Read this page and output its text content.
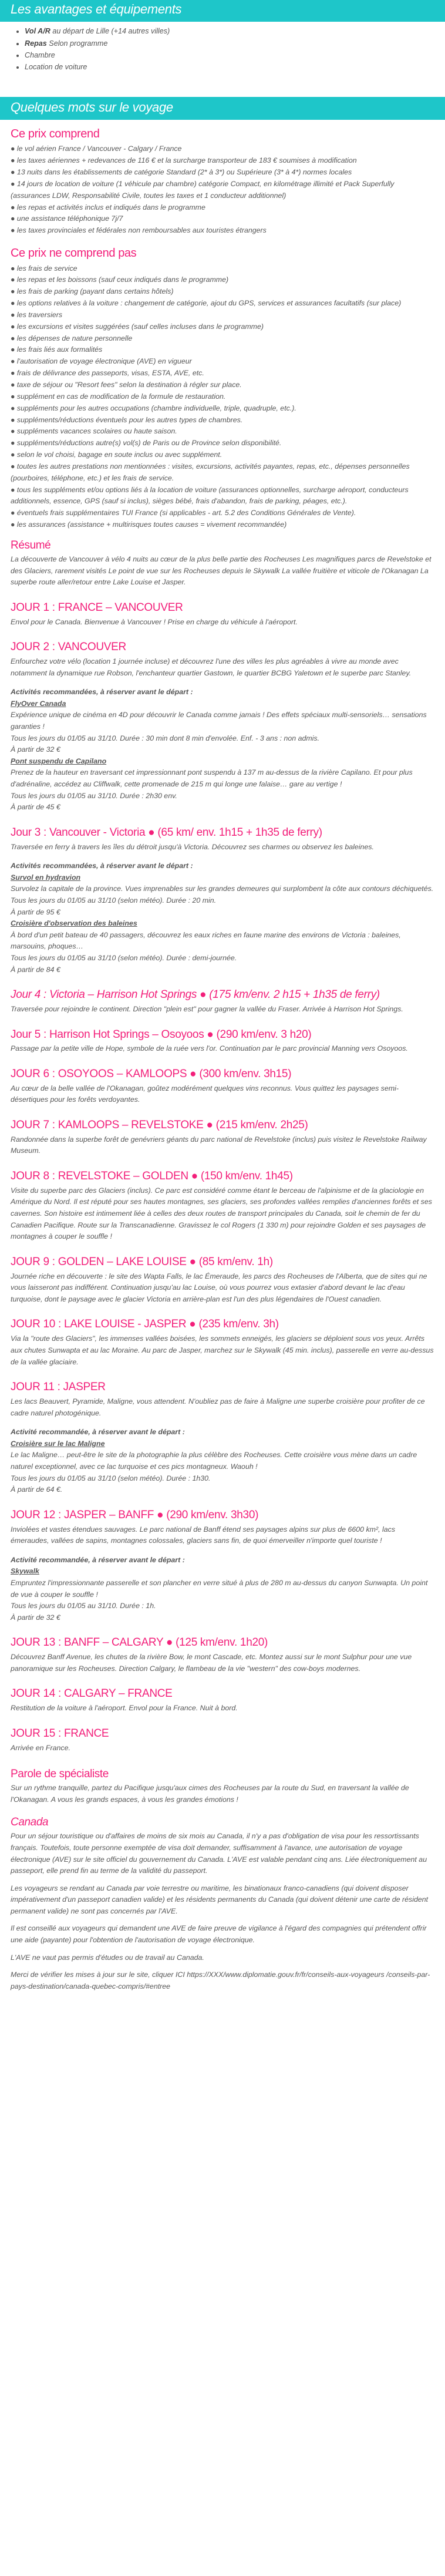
Les avantages et équipements
• Vol A/R au départ de Lille (+14 autres villes)
• Repas Selon programme
• Chambre
• Location de voiture
Quelques mots sur le voyage
Ce prix comprend
● le vol aérien France / Vancouver - Calgary / France
● les taxes aériennes + redevances de 116 € et la surcharge transporteur de 183 € soumises à modification
● 13 nuits dans les établissements de catégorie Standard (2* à 3*) ou Supérieure (3* à 4*) normes locales
● 14 jours de location de voiture (1 véhicule par chambre) catégorie Compact, en kilométrage illimité et Pack Superfully (assurances LDW, Responsabilité Civile, toutes les taxes et 1 conducteur additionnel)
● les repas et activités inclus et indiqués dans le programme
● une assistance téléphonique 7j/7
● les taxes provinciales et fédérales non remboursables aux touristes étrangers
Ce prix ne comprend pas
● les frais de service
● les repas et les boissons (sauf ceux indiqués dans le programme)
● les frais de parking (payant dans certains hôtels)
● les options relatives à la voiture : changement de catégorie, ajout du GPS, services et assurances facultatifs (sur place)
● les traversiers
● les excursions et visites suggérées (sauf celles incluses dans le programme)
● les dépenses de nature personnelle
● les frais liés aux formalités
● l'autorisation de voyage électronique (AVE) en vigueur
● frais de délivrance des passeports, visas, ESTA, AVE, etc.
● taxe de séjour ou "Resort fees" selon la destination à régler sur place.
● supplément en cas de modification de la formule de restauration.
● suppléments pour les autres occupations (chambre individuelle, triple, quadruple, etc.).
● suppléments/réductions éventuels pour les autres types de chambres.
● suppléments vacances scolaires ou haute saison.
● suppléments/réductions autre(s) vol(s) de Paris ou de Province selon disponibilité.
● selon le vol choisi, bagage en soute inclus ou avec supplément.
● toutes les autres prestations non mentionnées : visites, excursions, activités payantes, repas, etc., dépenses personnelles (pourboires, téléphone, etc.) et les frais de service.
● tous les suppléments et/ou options liés à la location de voiture (assurances optionnelles, surcharge aéroport, conducteurs additionnels, essence, GPS (sauf si inclus), sièges bébé, frais d'abandon, frais de parking, péages, etc.).
● éventuels frais supplémentaires TUI France (si applicables - art. 5.2 des Conditions Générales de Vente).
● les assurances (assistance + multirisques toutes causes = vivement recommandée)
Résumé

La découverte de Vancouver à vélo 4 nuits au cœur de la plus belle partie des Rocheuses Les magnifiques parcs de Revelstoke et des Glaciers, rarement visités Le point de vue sur les Rocheuses depuis le Skywalk La vallée fruitière et viticole de l'Okanagan La superbe route aller/retour entre Lake Louise et Jasper.

JOUR 1 : FRANCE – VANCOUVER

Envol pour le Canada. Bienvenue à Vancouver ! Prise en charge du véhicule à l'aéroport.

JOUR 2 : VANCOUVER

Enfourchez votre vélo (location 1 journée incluse) et découvrez l'une des villes les plus agréables à vivre au monde avec notamment la dynamique rue Robson, l'enchanteur quartier Gastown, le quartier BCBG Yaletown et le superbe parc Stanley.

Activités recommandées, à réserver avant le départ :

FlyOver Canada

Expérience unique de cinéma en 4D pour découvrir le Canada comme jamais ! Des effets spéciaux multi-sensoriels… sensations garanties !

Tous les jours du 01/05 au 31/10. Durée : 30 min dont 8 min d'envolée. Enf. - 3 ans : non admis.

À partir de 32 €

Pont suspendu de Capilano

Prenez de la hauteur en traversant cet impressionnant pont suspendu à 137 m au-dessus de la rivière Capilano. Et pour plus d'adrénaline, accédez au Cliffwalk, cette promenade de 215 m qui longe une falaise… gare au vertige !

Tous les jours du 01/05 au 31/10. Durée : 2h30 env.

À partir de 45 €

Jour 3 : Vancouver - Victoria ● (65 km/ env. 1h15 + 1h35 de ferry)

Traversée en ferry à travers les îles du détroit jusqu'à Victoria. Découvrez ses charmes ou observez les baleines.

Activités recommandées, à réserver avant le départ :

Survol en hydravion

Survolez la capitale de la province. Vues imprenables sur les grandes demeures qui surplombent la côte aux contours déchiquetés.

Tous les jours du 01/05 au 31/10 (selon météo). Durée : 20 min.

À partir de 95 €

Croisière d'observation des baleines

À bord d'un petit bateau de 40 passagers, découvrez les eaux riches en faune marine des environs de Victoria : baleines, marsouins, phoques…

Tous les jours du 01/05 au 31/10 (selon météo). Durée : demi-journée.

À partir de 84 €

Jour 4 : Victoria – Harrison Hot Springs ● (175 km/env. 2 h15 + 1h35 de ferry)

Traversée pour rejoindre le continent. Direction "plein est" pour gagner la vallée du Fraser. Arrivée à Harrison Hot Springs.

Jour 5 : Harrison Hot Springs – Osoyoos ● (290 km/env. 3 h20)

Passage par la petite ville de Hope, symbole de la ruée vers l'or. Continuation par le parc provincial Manning vers Osoyoos.

JOUR 6 : OSOYOOS – KAMLOOPS ● (300 km/env. 3h15)

Au cœur de la belle vallée de l'Okanagan, goûtez modérément quelques vins reconnus. Vous quittez les paysages semi-désertiques pour les forêts verdoyantes.

JOUR 7 : KAMLOOPS – REVELSTOKE ● (215 km/env. 2h25)

Randonnée dans la superbe forêt de genévriers géants du parc national de Revelstoke (inclus) puis visitez le Revelstoke Railway Museum.

JOUR 8 : REVELSTOKE – GOLDEN ● (150 km/env. 1h45)

Visite du superbe parc des Glaciers (inclus). Ce parc est considéré comme étant le berceau de l'alpinisme et de la glaciologie en Amérique du Nord. Il est réputé pour ses hautes montagnes, ses glaciers, ses profondes vallées remplies d'anciennes forêts et ses cavernes. Son histoire est intimement liée à celles des deux routes de transport principales du Canada, soit le chemin de fer du Canadien Pacifique. Route sur la Transcanadienne. Gravissez le col Rogers (1 330 m) pour rejoindre Golden et ses paysages de montagnes à couper le souffle !

JOUR 9 : GOLDEN – LAKE LOUISE ● (85 km/env. 1h)

Journée riche en découverte : le site des Wapta Falls, le lac Émeraude, les parcs des Rocheuses de l'Alberta, que de sites qui ne vous laisseront pas indifférent. Continuation jusqu'au lac Louise, où vous pourrez vous extasier d'abord devant le lac d'eau turquoise, dont le paysage avec le glacier Victoria en arrière-plan est l'un des plus légendaires de l'Ouest canadien.

JOUR 10 : LAKE LOUISE - JASPER ● (235 km/env. 3h)

Via la "route des Glaciers", les immenses vallées boisées, les sommets enneigés, les glaciers se déploient sous vos yeux. Arrêts aux chutes Sunwapta et au lac Moraine. Au parc de Jasper, marchez sur le Skywalk (45 min. inclus), passerelle en verre au-dessus de la vallée glaciaire.

JOUR 11 : JASPER

Les lacs Beauvert, Pyramide, Maligne, vous attendent. N'oubliez pas de faire à Maligne une superbe croisière pour profiter de ce cadre naturel photogénique.

Activité recommandée, à réserver avant le départ :

Croisière sur le lac Maligne

Le lac Maligne… peut-être le site de la photographie la plus célèbre des Rocheuses. Cette croisière vous mène dans un cadre naturel exceptionnel, avec ce lac turquoise et ces pics montagneux. Waouh !

Tous les jours du 01/05 au 31/10 (selon météo). Durée : 1h30.

À partir de 64 €.

JOUR 12 : JASPER – BANFF ● (290 km/env. 3h30)

Inviolées et vastes étendues sauvages. Le parc national de Banff étend ses paysages alpins sur plus de 6600 km², lacs émeraudes, vallées de sapins, montagnes colossales, glaciers sans fin, de quoi émerveiller n'importe quel touriste !

Activité recommandée, à réserver avant le départ :

Skywalk

Empruntez l'impressionnante passerelle et son plancher en verre situé à plus de 280 m au-dessus du canyon Sunwapta. Un point de vue à couper le souffle !

Tous les jours du 01/05 au 31/10. Durée : 1h.

À partir de 32 €

JOUR 13 : BANFF – CALGARY ● (125 km/env. 1h20)

Découvrez Banff Avenue, les chutes de la rivière Bow, le mont Cascade, etc. Montez aussi sur le mont Sulphur pour une vue panoramique sur les Rocheuses. Direction Calgary, le flambeau de la vie "western" des cow-boys modernes.

JOUR 14 : CALGARY – FRANCE

Restitution de la voiture à l'aéroport. Envol pour la France. Nuit à bord.

JOUR 15 : FRANCE

Arrivée en France.

Parole de spécialiste

Sur un rythme tranquille, partez du Pacifique jusqu'aux cimes des Rocheuses par la route du Sud, en traversant la vallée de l'Okanagan. A vous les grands espaces, à vous les grandes émotions !

Canada

Pour un séjour touristique ou d'affaires de moins de six mois au Canada, il n'y a pas d'obligation de visa pour les ressortissants français. Toutefois, toute personne exemptée de visa doit demander, suffisamment à l'avance, une autorisation de voyage électronique (AVE) sur le site officiel du gouvernement du Canada. L'AVE est valable pendant cinq ans. Liée électroniquement au passeport, elle prend fin au terme de la validité du passeport.

Les voyageurs se rendant au Canada par voie terrestre ou maritime, les binationaux franco-canadiens (qui doivent disposer impérativement d'un passeport canadien valide) et les résidents permanents du Canada (qui doivent détenir une carte de résident permanent valide) ne sont pas concernés par l'AVE.

Il est conseillé aux voyageurs qui demandent une AVE de faire preuve de vigilance à l'égard des compagnies qui prétendent offrir une aide (payante) pour l'obtention de l'autorisation de voyage électronique.

L'AVE ne vaut pas permis d'études ou de travail au Canada.

Merci de vérifier les mises à jour sur le site, cliquer ICI https://XXX/www.diplomatie.gouv.fr/fr/conseils-aux-voyageurs /conseils-par-pays-destination/canada-quebec-compris/#entree
